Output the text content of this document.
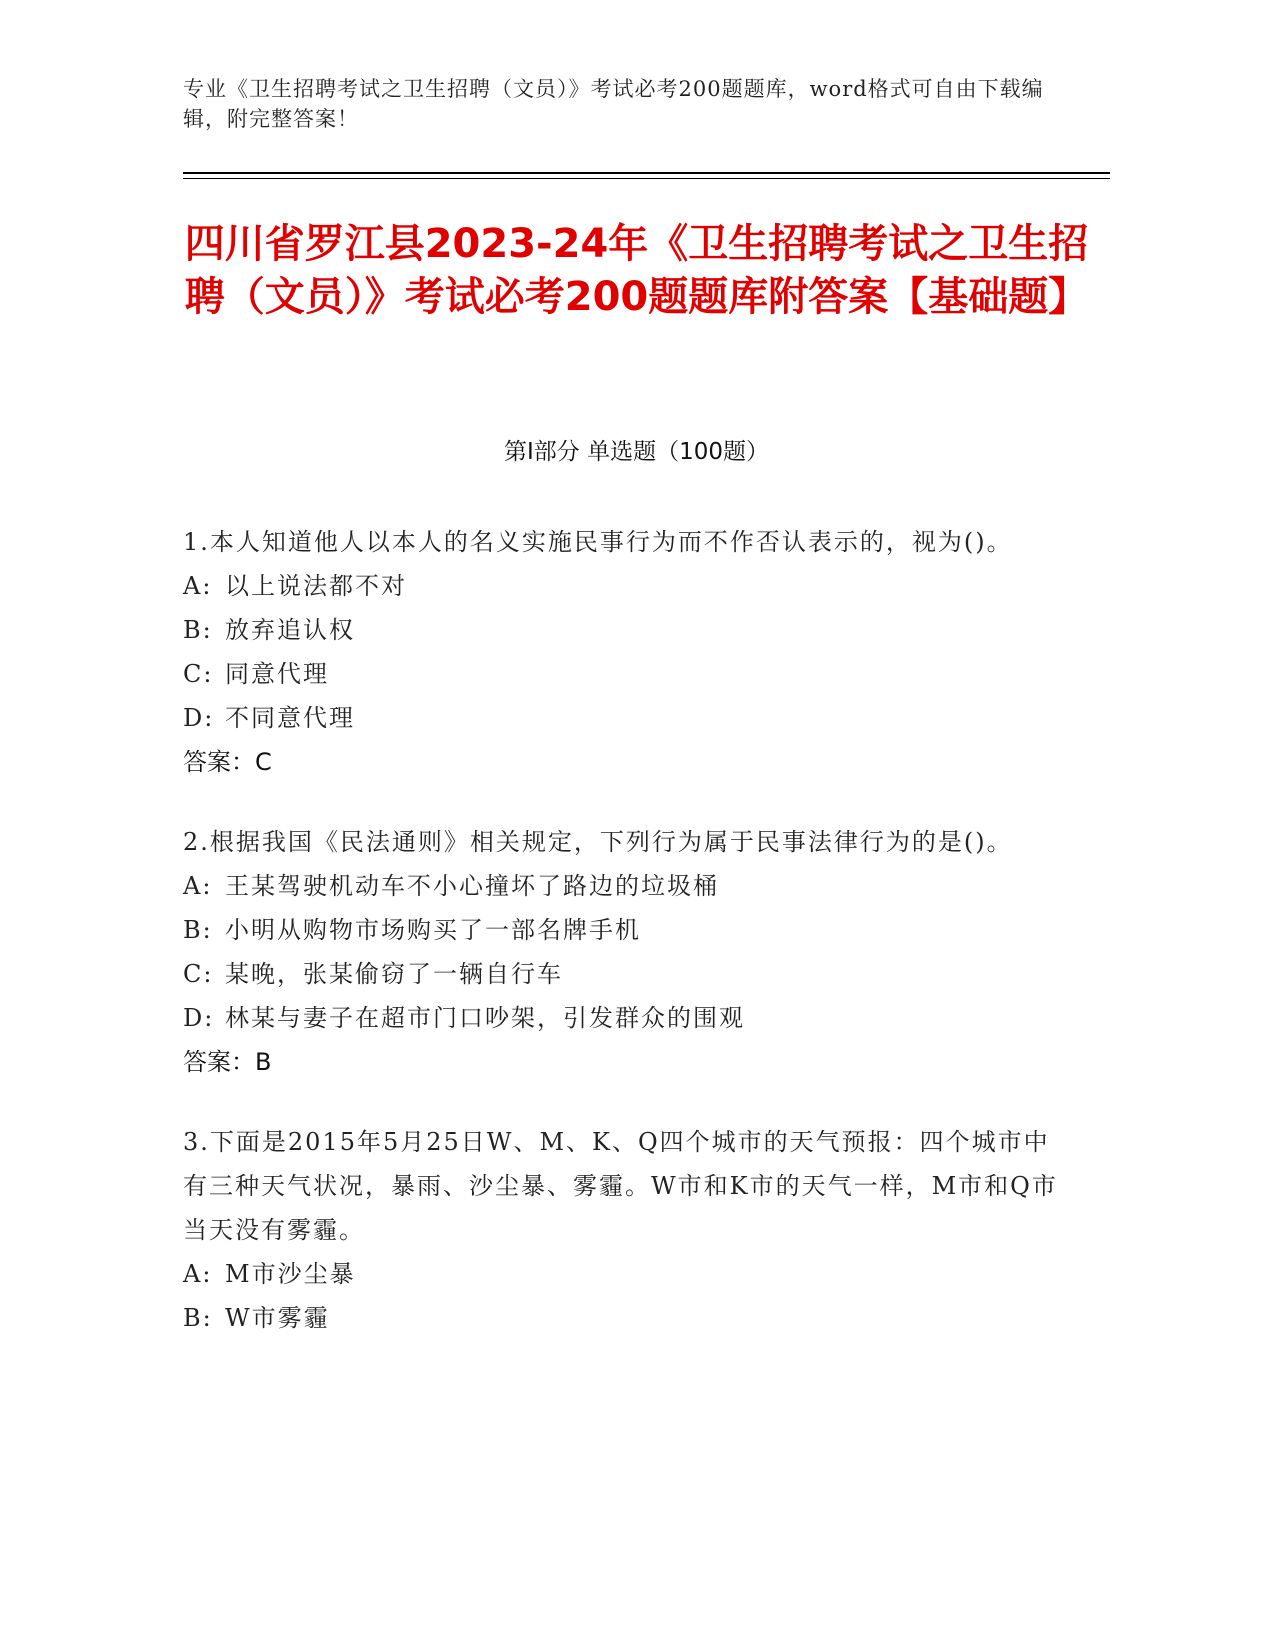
专业《卫生招聘考试之卫生招聘（文员）》考试必考200题题库，word格式可自由下载编辑，附完整答案！
四川省罗江县2023-24年《卫生招聘考试之卫生招聘（文员）》考试必考200题题库附答案【基础题】
第Ⅰ部分 单选题（100题）
1.本人知道他人以本人的名义实施民事行为而不作否认表示的，视为()。
A: 以上说法都不对
B: 放弃追认权
C: 同意代理
D: 不同意代理
答案：C
2.根据我国《民法通则》相关规定，下列行为属于民事法律行为的是()。
A: 王某驾驶机动车不小心撞坏了路边的垃圾桶
B: 小明从购物市场购买了一部名牌手机
C: 某晚，张某偷窃了一辆自行车
D: 林某与妻子在超市门口吵架，引发群众的围观
答案：B
3.下面是2015年5月25日W、M、K、Q四个城市的天气预报：四个城市中有三种天气状况，暴雨、沙尘暴、雾霾。W市和K市的天气一样，M市和Q市当天没有雾霾。
A: M市沙尘暴
B: W市雾霾
